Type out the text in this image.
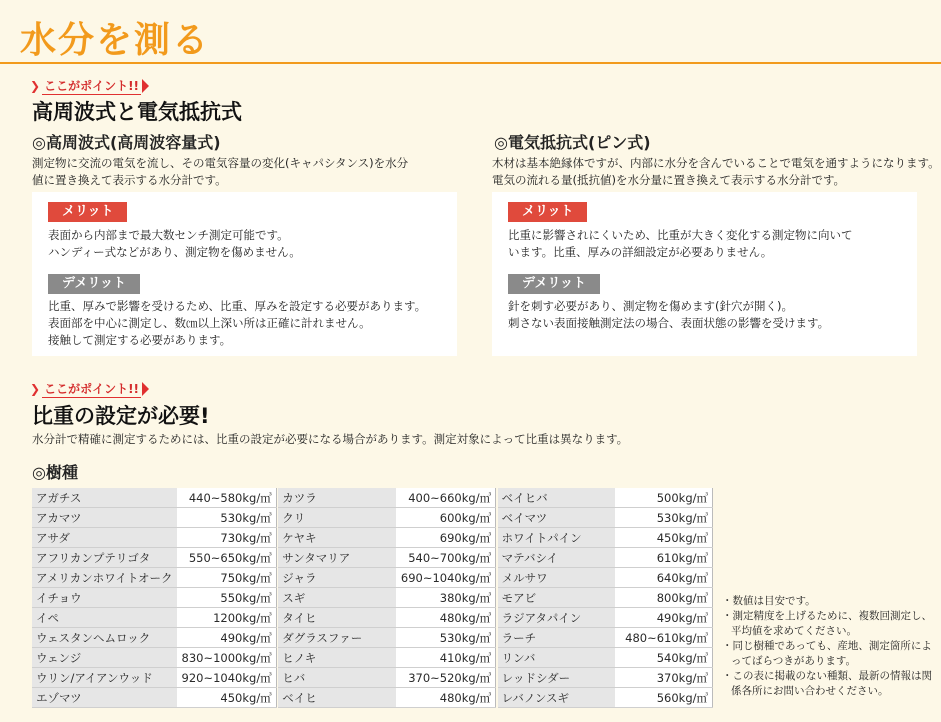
水分を測る
❯ ここがポイント!!
高周波式と電気抵抗式
◎高周波式(高周波容量式)
測定物に交流の電気を流し、その電気容量の変化(キャパシタンス)を水分
値に置き換えて表示する水分計です。
メリット
表面から内部まで最大数センチ測定可能です。
ハンディー式などがあり、測定物を傷めません。
デメリット
比重、厚みで影響を受けるため、比重、厚みを設定する必要があります。
表面部を中心に測定し、数㎝以上深い所は正確に計れません。
接触して測定する必要があります。
◎電気抵抗式(ピン式)
木材は基本絶縁体ですが、内部に水分を含んでいることで電気を通すようになります。
電気の流れる量(抵抗値)を水分量に置き換えて表示する水分計です。
メリット
比重に影響されにくいため、比重が大きく変化する測定物に向いて
います。比重、厚みの詳細設定が必要ありません。
デメリット
針を刺す必要があり、測定物を傷めます(針穴が開く)。
刺さない表面接触測定法の場合、表面状態の影響を受けます。
❯ ここがポイント!!
比重の設定が必要!
水分計で精確に測定するためには、比重の設定が必要になる場合があります。測定対象によって比重は異なります。
◎樹種
アガチス	440~580kg/㎥		カツラ	400~660kg/㎥		ベイヒバ	500kg/㎥
アカマツ	530kg/㎥		クリ	600kg/㎥		ベイマツ	530kg/㎥
アサダ	730kg/㎥		ケヤキ	690kg/㎥		ホワイトパイン	450kg/㎥
アフリカンプテリゴタ	550~650kg/㎥		サンタマリア	540~700kg/㎥		マテバシイ	610kg/㎥
アメリカンホワイトオーク	750kg/㎥		ジャラ	690~1040kg/㎥		メルサワ	640kg/㎥
イチョウ	550kg/㎥		スギ	380kg/㎥		モアビ	800kg/㎥
イペ	1200kg/㎥		タイヒ	480kg/㎥		ラジアタパイン	490kg/㎥
ウェスタンヘムロック	490kg/㎥		ダグラスファー	530kg/㎥		ラーチ	480~610kg/㎥
ウェンジ	830~1000kg/㎥		ヒノキ	410kg/㎥		リンバ	540kg/㎥
ウリン/アイアンウッド	920~1040kg/㎥		ヒバ	370~520kg/㎥		レッドシダー	370kg/㎥
エゾマツ	450kg/㎥		ベイヒ	480kg/㎥		レバノンスギ	560kg/㎥
・数値は目安です。
・測定精度を上げるために、複数回測定し、平均値を求めてください。
・同じ樹種であっても、産地、測定箇所によってばらつきがあります。
・この表に掲載のない種類、最新の情報は関係各所にお問い合わせください。
